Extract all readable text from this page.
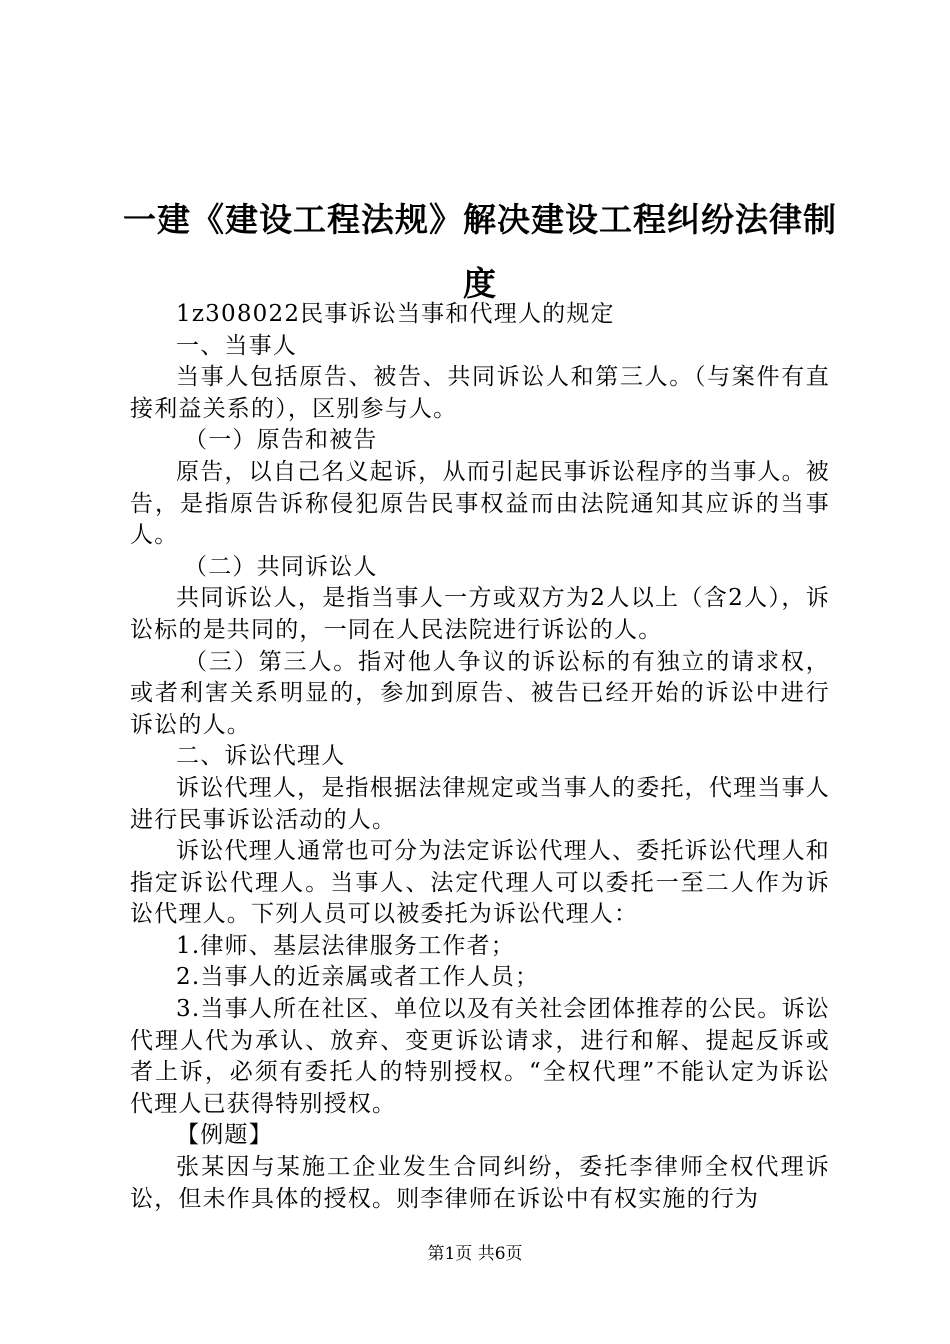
一建《建设工程法规》解决建设工程纠纷法律制度

1z308022民事诉讼当事和代理人的规定

一、当事人

当事人包括原告、被告、共同诉讼人和第三人。（与案件有直接利益关系的），区别参与人。

（一）原告和被告

原告，以自己名义起诉，从而引起民事诉讼程序的当事人。被告，是指原告诉称侵犯原告民事权益而由法院通知其应诉的当事人。

（二）共同诉讼人

共同诉讼人，是指当事人一方或双方为2人以上（含2人），诉讼标的是共同的，一同在人民法院进行诉讼的人。

（三）第三人。指对他人争议的诉讼标的有独立的请求权，或者利害关系明显的，参加到原告、被告已经开始的诉讼中进行诉讼的人。

二、诉讼代理人

诉讼代理人，是指根据法律规定或当事人的委托，代理当事人进行民事诉讼活动的人。

诉讼代理人通常也可分为法定诉讼代理人、委托诉讼代理人和指定诉讼代理人。当事人、法定代理人可以委托一至二人作为诉讼代理人。下列人员可以被委托为诉讼代理人：

1.律师、基层法律服务工作者；

2.当事人的近亲属或者工作人员；

3.当事人所在社区、单位以及有关社会团体推荐的公民。诉讼代理人代为承认、放弃、变更诉讼请求，进行和解、提起反诉或者上诉，必须有委托人的特别授权。“全权代理”不能认定为诉讼代理人已获得特别授权。

【例题】

张某因与某施工企业发生合同纠纷，委托李律师全权代理诉讼，但未作具体的授权。则李律师在诉讼中有权实施的行为

第1页 共6页
